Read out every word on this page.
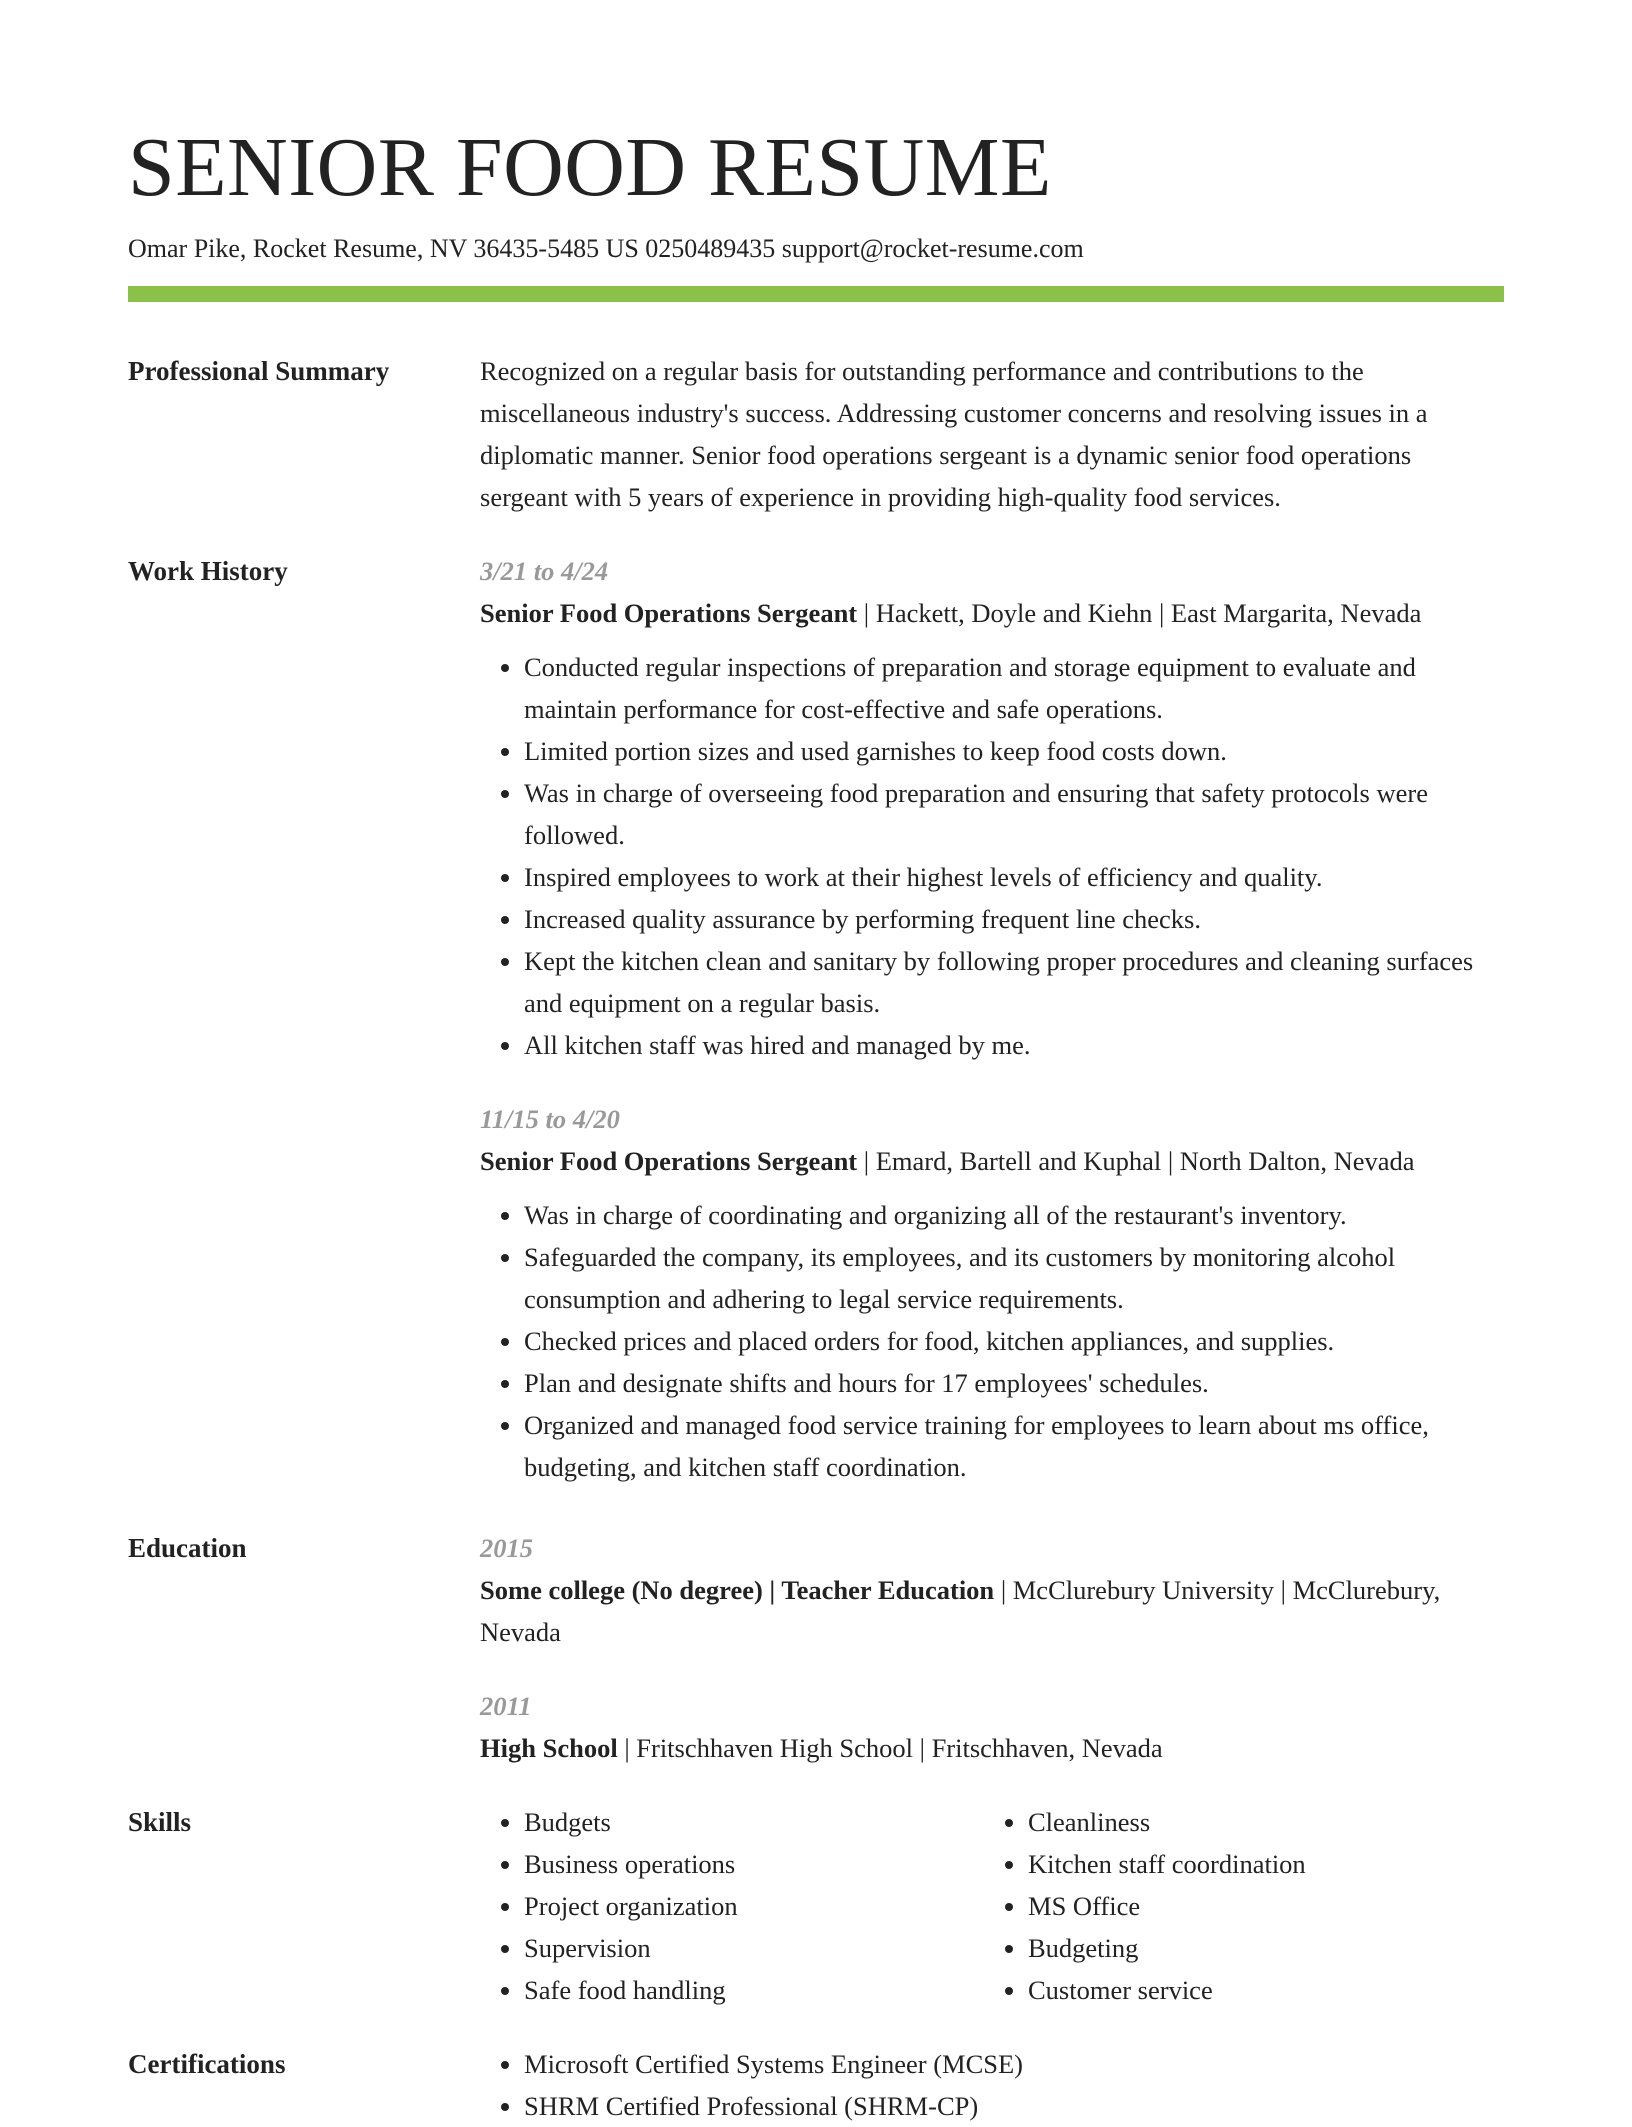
SENIOR FOOD RESUME
Omar Pike, Rocket Resume, NV 36435-5485 US 0250489435 support@rocket-resume.com
Professional Summary	Recognized on a regular basis for outstanding performance and contributions to the miscellaneous industry's success. Addressing customer concerns and resolving issues in a diplomatic manner. Senior food operations sergeant is a dynamic senior food operations sergeant with 5 years of experience in providing high-quality food services.

Work History	3/21 to 4/24
Senior Food Operations Sergeant | Hackett, Doyle and Kiehn | East Margarita, Nevada
• Conducted regular inspections of preparation and storage equipment to evaluate and maintain performance for cost-effective and safe operations.
• Limited portion sizes and used garnishes to keep food costs down.
• Was in charge of overseeing food preparation and ensuring that safety protocols were followed.
• Inspired employees to work at their highest levels of efficiency and quality.
• Increased quality assurance by performing frequent line checks.
• Kept the kitchen clean and sanitary by following proper procedures and cleaning surfaces and equipment on a regular basis.
• All kitchen staff was hired and managed by me.
11/15 to 4/20
Senior Food Operations Sergeant | Emard, Bartell and Kuphal | North Dalton, Nevada
• Was in charge of coordinating and organizing all of the restaurant's inventory.
• Safeguarded the company, its employees, and its customers by monitoring alcohol consumption and adhering to legal service requirements.
• Checked prices and placed orders for food, kitchen appliances, and supplies.
• Plan and designate shifts and hours for 17 employees' schedules.
• Organized and managed food service training for employees to learn about ms office, budgeting, and kitchen staff coordination.
Education	2015
Some college (No degree) | Teacher Education | McClurebury University | McClurebury, Nevada
2011
High School | Fritschhaven High School | Fritschhaven, Nevada
Skills	• Budgets
• Business operations
• Project organization
• Supervision
• Safe food handling
• Cleanliness
• Kitchen staff coordination
• MS Office
• Budgeting
• Customer service
Certifications	• Microsoft Certified Systems Engineer (MCSE)
• SHRM Certified Professional (SHRM-CP)
